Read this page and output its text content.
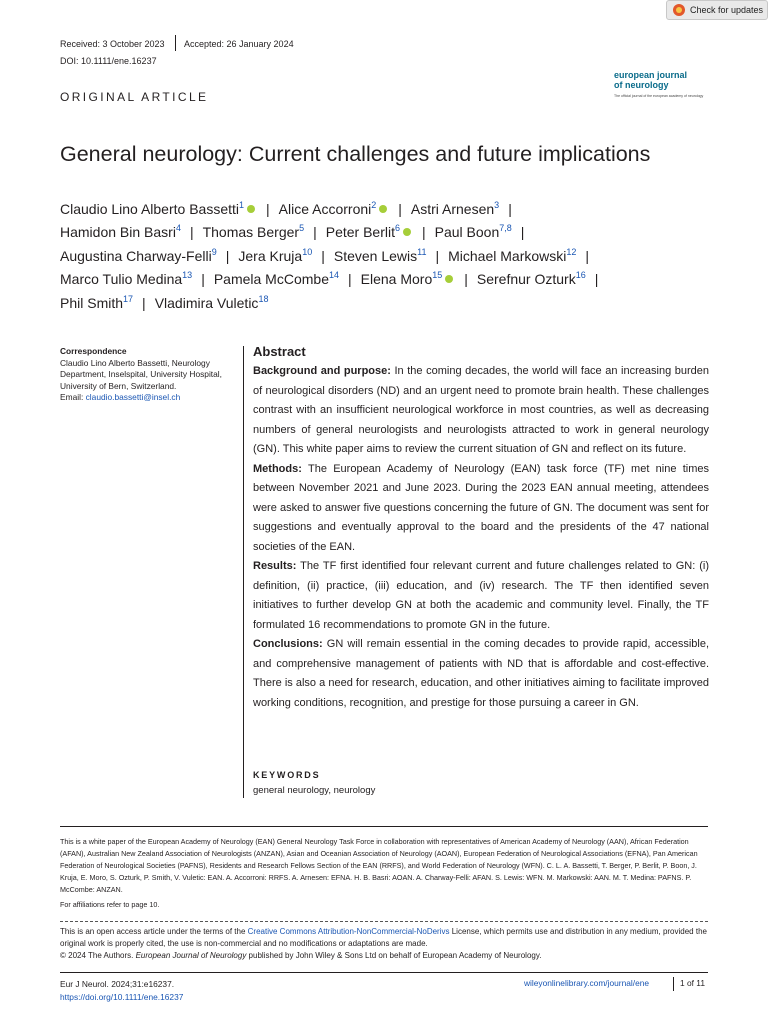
Check for updates
Received: 3 October 2023 Accepted: 26 January 2024
DOI: 10.1111/ene.16237
ORIGINAL ARTICLE
european journal
of neurology
The official journal of the european academy of neurology
General neurology: Current challenges and future implications
Claudio Lino Alberto Bassetti$^1$ | Alice Accorroni$^2$ | Astri Arnesen$^3$ |
Hamidon Bin Basri$^4$ | Thomas Berger$^5$ | Peter Berlit$^6$ | Paul Boon$^{7,8}$ |
Augustina Charway-Felli$^9$ | Jera Kruja$^{10}$ | Steven Lewis$^{11}$ | Michael Markowski$^{12}$ |
Marco Tulio Medina$^{13}$ | Pamela McCombe$^{14}$ | Elena Moro$^{15}$ | Serefnur Ozturk$^{16}$ |
Phil Smith$^{17}$ | Vladimira Vuletic$^{18}$
Correspondence
Claudio Lino Alberto Bassetti, Neurology Department, Inselspital, University Hospital, University of Bern, Switzerland.
Email: claudio.bassetti@insel.ch
Abstract

Background and purpose: In the coming decades, the world will face an increasing burden of neurological disorders (ND) and an urgent need to promote brain health. These challenges contrast with an insufficient neurological workforce in most countries, as well as decreasing numbers of general neurologists and neurologists attracted to work in general neurology (GN). This white paper aims to review the current situation of GN and reflect on its future.

Methods: The European Academy of Neurology (EAN) task force (TF) met nine times between November 2021 and June 2023. During the 2023 EAN annual meeting, attendees were asked to answer five questions concerning the future of GN. The document was sent for suggestions and eventually approval to the board and the presidents of the 47 national societies of the EAN.

Results: The TF first identified four relevant current and future challenges related to GN: (i) definition, (ii) practice, (iii) education, and (iv) research. The TF then identified seven initiatives to further develop GN at both the academic and community level. Finally, the TF formulated 16 recommendations to promote GN in the future.

Conclusions: GN will remain essential in the coming decades to provide rapid, accessible, and comprehensive management of patients with ND that is affordable and cost-effective. There is also a need for research, education, and other initiatives aiming to facilitate improved working conditions, recognition, and prestige for those pursuing a career in GN.

KEYWORDS
general neurology, neurology
This is a white paper of the European Academy of Neurology (EAN) General Neurology Task Force in collaboration with representatives of American Academy of Neurology (AAN), African Federation (AFAN), Australian New Zealand Association of Neurologists (ANZAN), Asian and Oceanian Association of Neurology (AOAN), European Federation of Neurological Associations (EFNA), Pan American Federation of Neurological Societies (PAFNS), Residents and Research Fellows Section of the EAN (RRFS), and World Federation of Neurology (WFN). C. L. A. Bassetti, T. Berger, P. Berlit, P. Boon, J. Kruja, E. Moro, S. Ozturk, P. Smith, V. Vuletic: EAN. A. Accorroni: RRFS. A. Arnesen: EFNA. H. B. Basri: AOAN. A. Charway-Felli: AFAN. S. Lewis: WFN. M. Markowski: AAN. M. T. Medina: PAFNS. P. McCombe: ANZAN.
For affiliations refer to page 10.
This is an open access article under the terms of the Creative Commons Attribution-NonCommercial-NoDerivs License, which permits use and distribution in any medium, provided the original work is properly cited, the use is non-commercial and no modifications or adaptations are made.
© 2024 The Authors. European Journal of Neurology published by John Wiley & Sons Ltd on behalf of European Academy of Neurology.
Eur J Neurol. 2024;31:e16237.
https://doi.org/10.1111/ene.16237
wileyonlinelibrary.com/journal/ene	1 of 11
